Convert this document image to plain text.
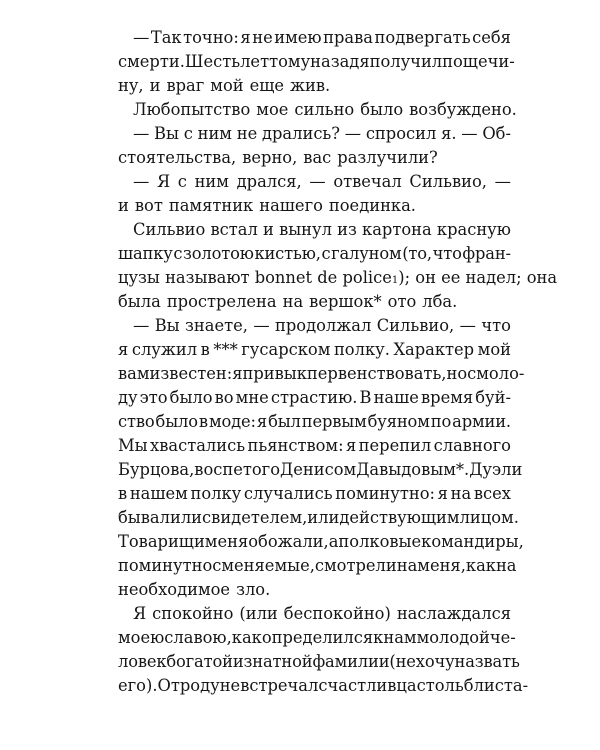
— Так точно: я не имею права подвергать себя
смерти. Шесть лет тому назад я получил пощечи-
ну, и враг мой еще жив.
Любопытство мое сильно было возбуждено.
— Вы с ним не дрались? — спросил я. — Об-
стоятельства, верно, вас разлучили?
— Я с ним дрался, — отвечал Сильвио, —
и вот памятник нашего поединка.
Сильвио встал и вынул из картона красную
шапку с золотою кистью, с галуном (то, что фран-
цузы называют bonnet de police 1 ); он ее надел; она
была прострелена на вершок* ото лба.
— Вы знаете, — продолжал Сильвио, — что
я служил в *** гусарском полку. Характер мой
вам известен: я привык первенствовать, но смоло-
ду это было во мне страстию. В наше время буй-
ство было в моде: я был первым буяном по армии.
Мы хвастались пьянством: я перепил славного
Бурцова, воспетого Денисом Давыдовым*. Дуэли
в нашем полку случались поминутно: я на всех
бывал или свидетелем, или действующим лицом.
Товарищи меня обожали, а полковые командиры,
поминутно сменяемые, смотрели на меня, как на
необходимое зло.
Я спокойно (или беспокойно) наслаждался
моею славою, как определился к нам молодой че-
ловек богатой и знатной фамилии (не хочу назвать
его). Отроду не встречал счастливца столь блиста-
